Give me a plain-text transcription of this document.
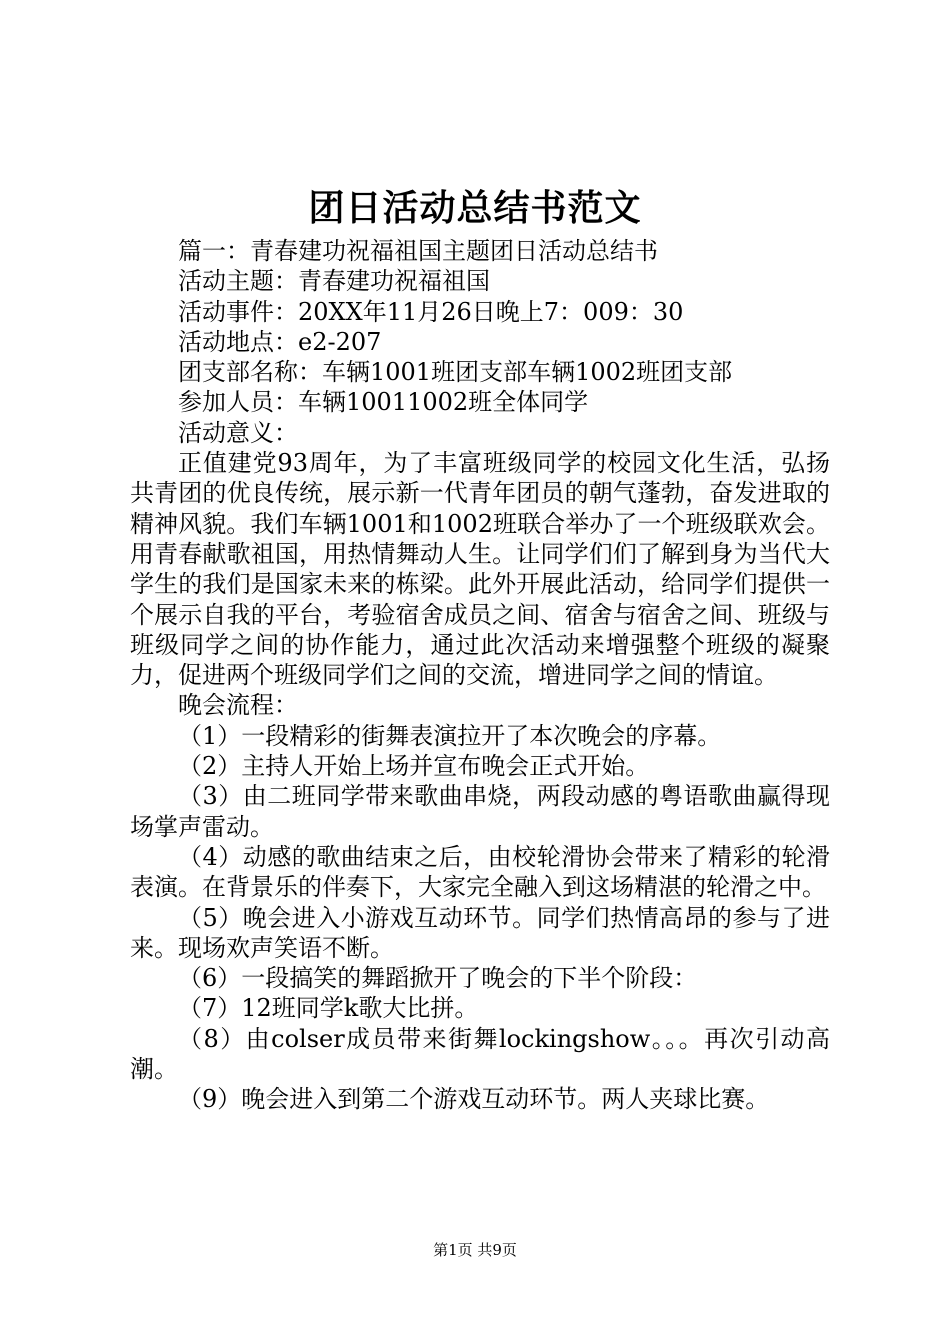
团日活动总结书范文

篇一：青春建功祝福祖国主题团日活动总结书

活动主题：青春建功祝福祖国

活动事件：20XX年11月26日晚上7：009：30

活动地点：e2-207

团支部名称：车辆1001班团支部车辆1002班团支部

参加人员：车辆10011002班全体同学

活动意义：

正值建党93周年，为了丰富班级同学的校园文化生活，弘扬共青团的优良传统，展示新一代青年团员的朝气蓬勃，奋发进取的精神风貌。我们车辆1001和1002班联合举办了一个班级联欢会。用青春献歌祖国，用热情舞动人生。让同学们们了解到身为当代大学生的我们是国家未来的栋梁。此外开展此活动，给同学们提供一个展示自我的平台，考验宿舍成员之间、宿舍与宿舍之间、班级与班级同学之间的协作能力，通过此次活动来增强整个班级的凝聚力，促进两个班级同学们之间的交流，增进同学之间的情谊。

晚会流程：

（1）一段精彩的街舞表演拉开了本次晚会的序幕。

（2）主持人开始上场并宣布晚会正式开始。

（3）由二班同学带来歌曲串烧，两段动感的粤语歌曲赢得现场掌声雷动。

（4）动感的歌曲结束之后，由校轮滑协会带来了精彩的轮滑表演。在背景乐的伴奏下，大家完全融入到这场精湛的轮滑之中。

（5）晚会进入小游戏互动环节。同学们热情高昂的参与了进来。现场欢声笑语不断。

（6）一段搞笑的舞蹈掀开了晚会的下半个阶段：

（7）12班同学k歌大比拼。

（8）由colser成员带来街舞lockingshow。。。再次引动高潮。

（9）晚会进入到第二个游戏互动环节。两人夹球比赛。

第1页 共9页
